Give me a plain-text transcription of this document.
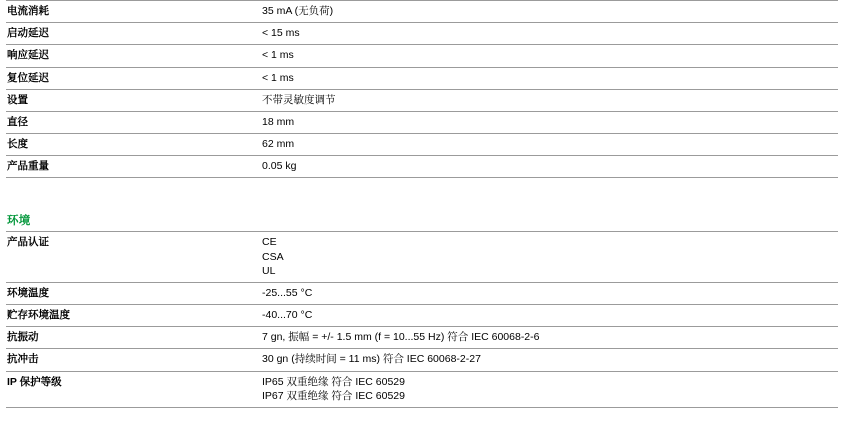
电流消耗	35 mA (无负荷)
启动延迟	< 15 ms
响应延迟	< 1 ms
复位延迟	< 1 ms
设置	不带灵敏度调节
直径	18 mm
长度	62 mm
产品重量	0.05 kg
环境
产品认证	CE
CSA
UL

环境温度	-25...55 °C
贮存环境温度	-40...70 °C
抗振动	7 gn, 振幅 = +/- 1.5 mm (f = 10...55 Hz) 符合 IEC 60068-2-6
抗冲击	30 gn (持续时间 = 11 ms) 符合 IEC 60068-2-27
IP 保护等级	IP65 双重绝缘 符合 IEC 60529
IP67 双重绝缘 符合 IEC 60529
